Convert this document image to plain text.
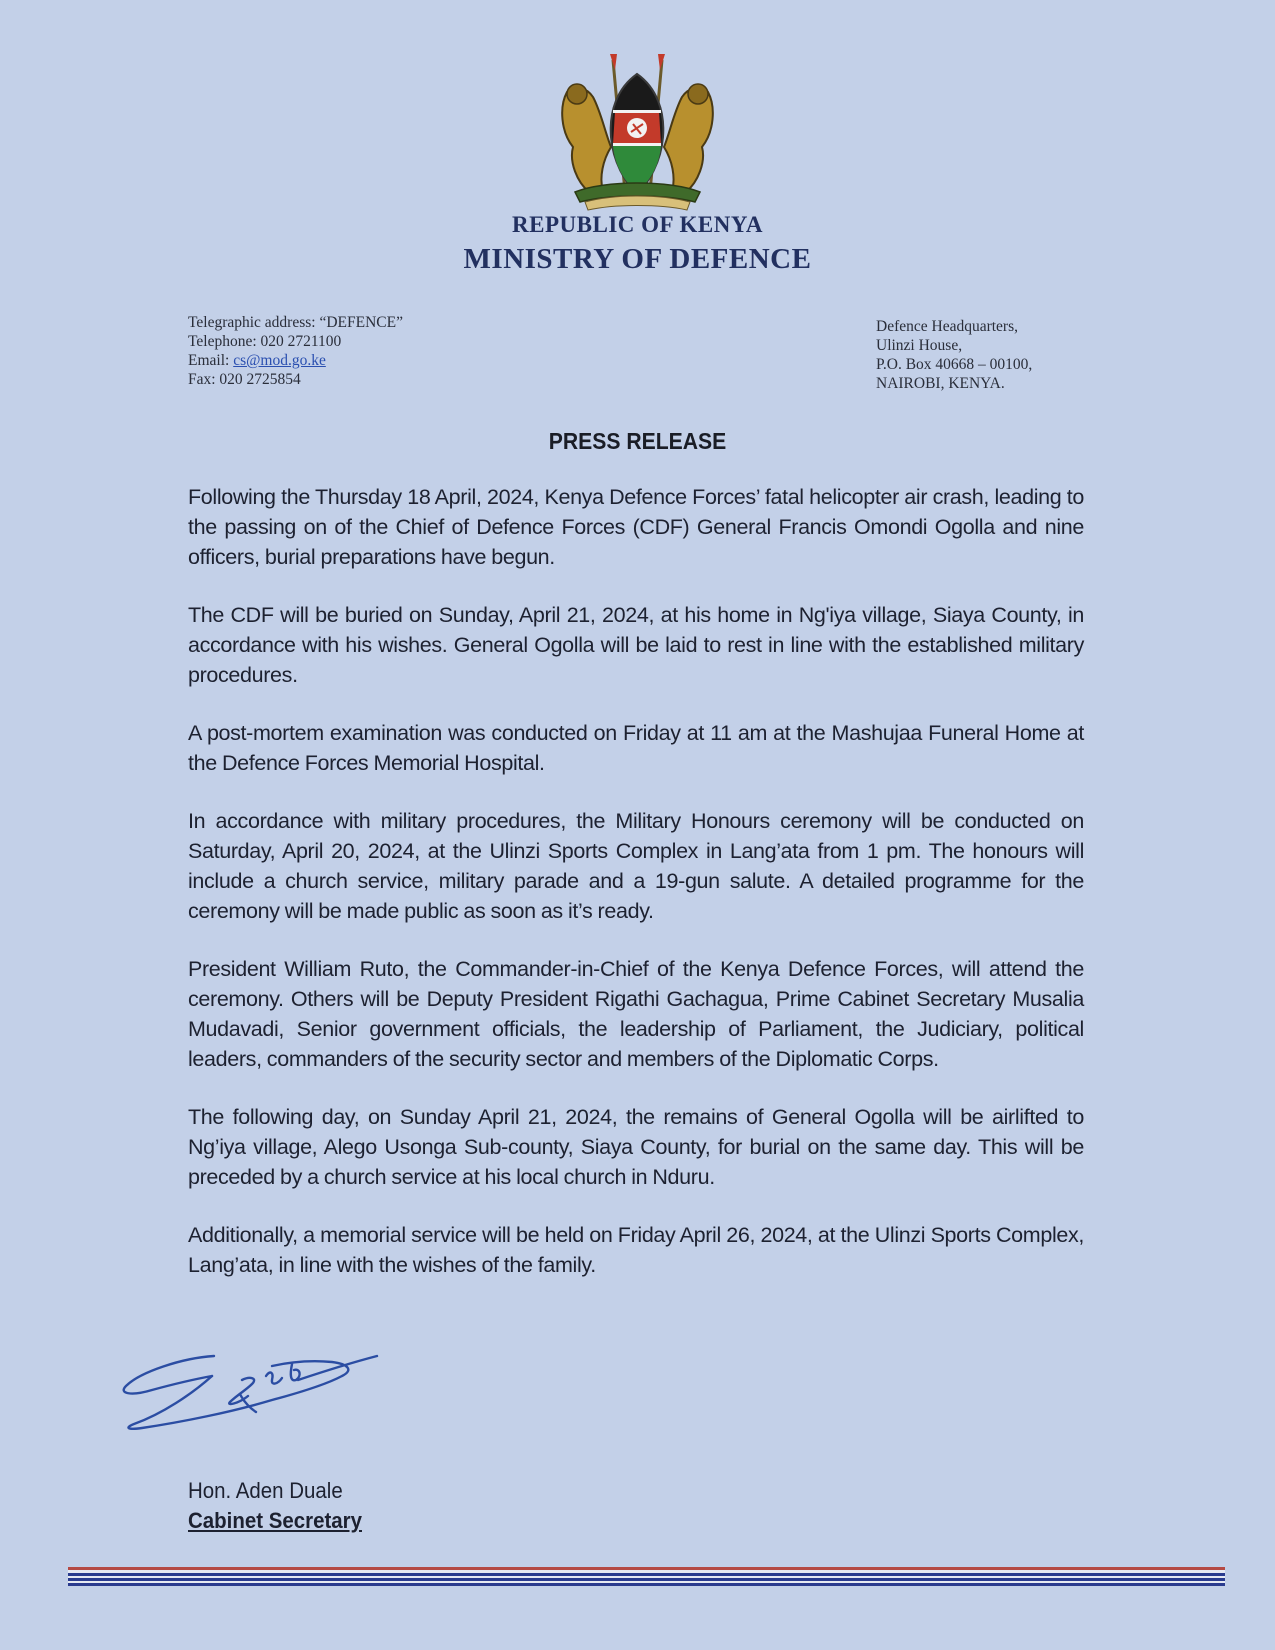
REPUBLIC OF KENYA
MINISTRY OF DEFENCE
Telegraphic address: “DEFENCE”
Telephone: 020 2721100
Email: cs@mod.go.ke
Fax: 020 2725854
Defence Headquarters,
Ulinzi House,
P.O. Box 40668 – 00100,
NAIROBI, KENYA.
PRESS RELEASE

Following the Thursday 18 April, 2024, Kenya Defence Forces’ fatal helicopter air crash, leading to the passing on of the Chief of Defence Forces (CDF) General Francis Omondi Ogolla and nine officers, burial preparations have begun.

The CDF will be buried on Sunday, April 21, 2024, at his home in Ng'iya village, Siaya County, in accordance with his wishes. General Ogolla will be laid to rest in line with the established military procedures.

A post-mortem examination was conducted on Friday at 11 am at the Mashujaa Funeral Home at the Defence Forces Memorial Hospital.

In accordance with military procedures, the Military Honours ceremony will be conducted on Saturday, April 20, 2024, at the Ulinzi Sports Complex in Lang’ata from 1 pm. The honours will include a church service, military parade and a 19-gun salute. A detailed programme for the ceremony will be made public as soon as it’s ready.

President William Ruto, the Commander-in-Chief of the Kenya Defence Forces, will attend the ceremony. Others will be Deputy President Rigathi Gachagua, Prime Cabinet Secretary Musalia Mudavadi, Senior government officials, the leadership of Parliament, the Judiciary, political leaders, commanders of the security sector and members of the Diplomatic Corps.

The following day, on Sunday April 21, 2024, the remains of General Ogolla will be airlifted to Ng’iya village, Alego Usonga Sub-county, Siaya County, for burial on the same day. This will be preceded by a church service at his local church in Nduru.

Additionally, a memorial service will be held on Friday April 26, 2024, at the Ulinzi Sports Complex, Lang’ata, in line with the wishes of the family.

Hon. Aden Duale
Cabinet Secretary
